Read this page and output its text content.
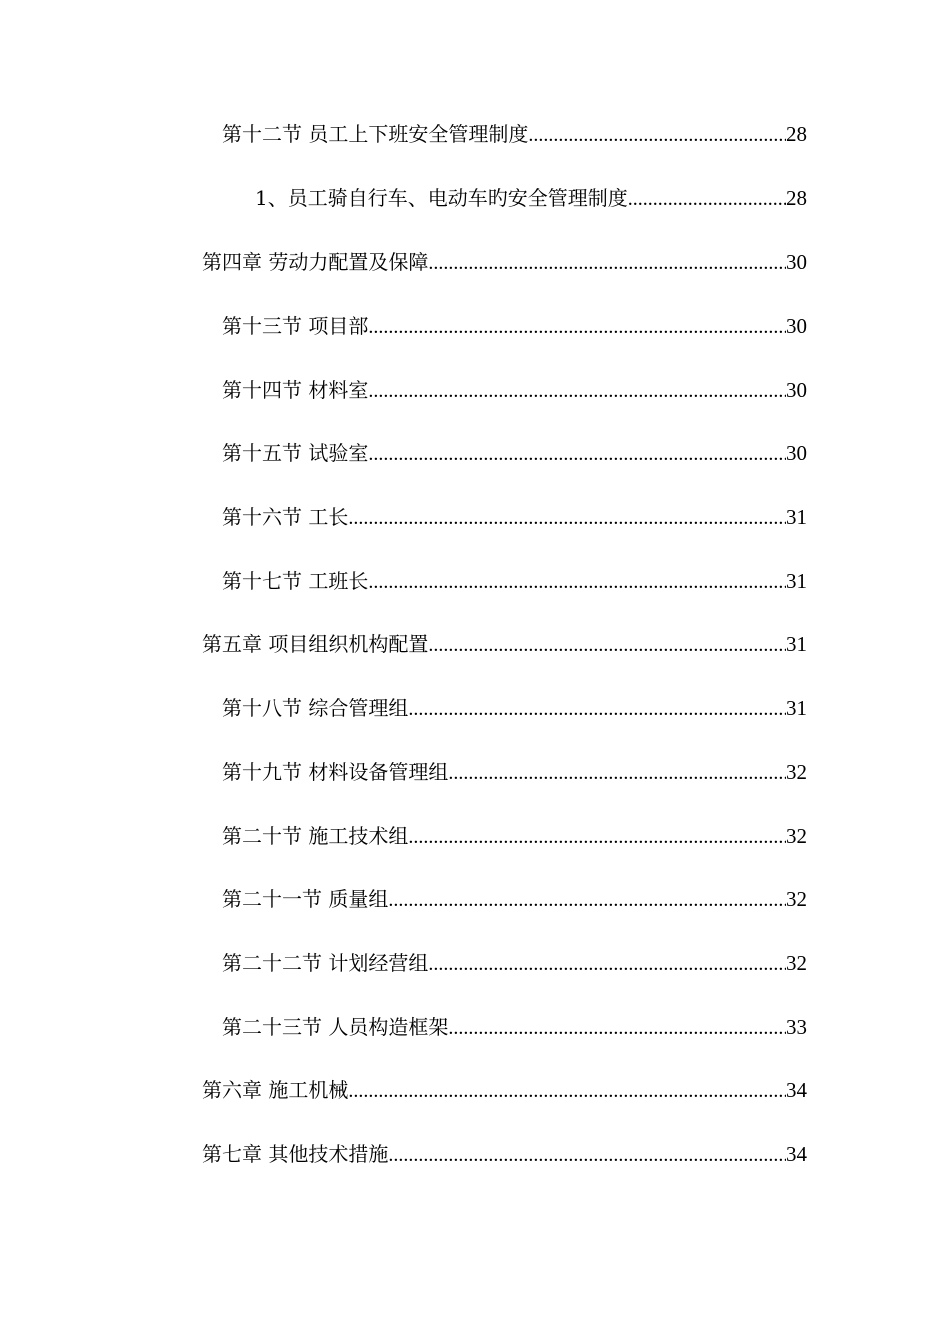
第十二节 员工上下班安全管理制度 .....	28
1、员工骑自行车、电动车旳安全管理制度 .....	28
第四章 劳动力配置及保障 .....	30
第十三节 项目部 .....	30
第十四节 材料室 .....	30
第十五节 试验室 .....	30
第十六节 工长 .....	31
第十七节 工班长 .....	31
第五章 项目组织机构配置 .....	31
第十八节 综合管理组 .....	31
第十九节 材料设备管理组 .....	32
第二十节 施工技术组 .....	32
第二十一节 质量组 .....	32
第二十二节 计划经营组 .....	32
第二十三节 人员构造框架 .....	33
第六章 施工机械 .....	34
第七章 其他技术措施 .....	34
